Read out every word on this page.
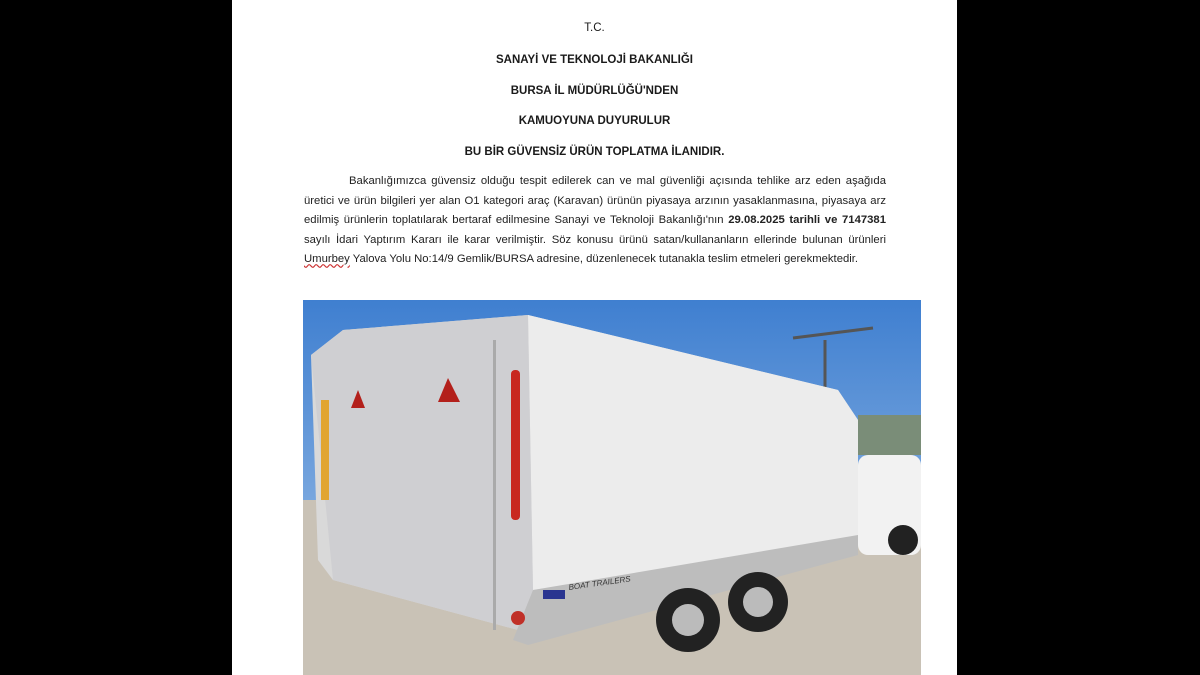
T.C.
SANAYİ VE TEKNOLOJİ BAKANLIĞI
BURSA İL MÜDÜRLÜĞÜ'NDEN
KAMUOYUNA DUYURULUR
BU BİR GÜVENSİZ ÜRÜN TOPLATMA İLANIDIR.
Bakanlığımızca güvensiz olduğu tespit edilerek can ve mal güvenliği açısında tehlike arz eden aşağıda üretici ve ürün bilgileri yer alan O1 kategori araç (Karavan) ürünün piyasaya arzının yasaklanmasına, piyasaya arz edilmiş ürünlerin toplatılarak bertaraf edilmesine Sanayi ve Teknoloji Bakanlığı'nın 29.08.2025 tarihli ve 7147381 sayılı İdari Yaptırım Kararı ile karar verilmiştir. Söz konusu ürünü satan/kullananların ellerinde bulunan ürünleri Umurbey Yalova Yolu No:14/9 Gemlik/BURSA adresine, düzenlenecek tutanakla teslim etmeleri gerekmektedir.
BOAT TRAILERS
